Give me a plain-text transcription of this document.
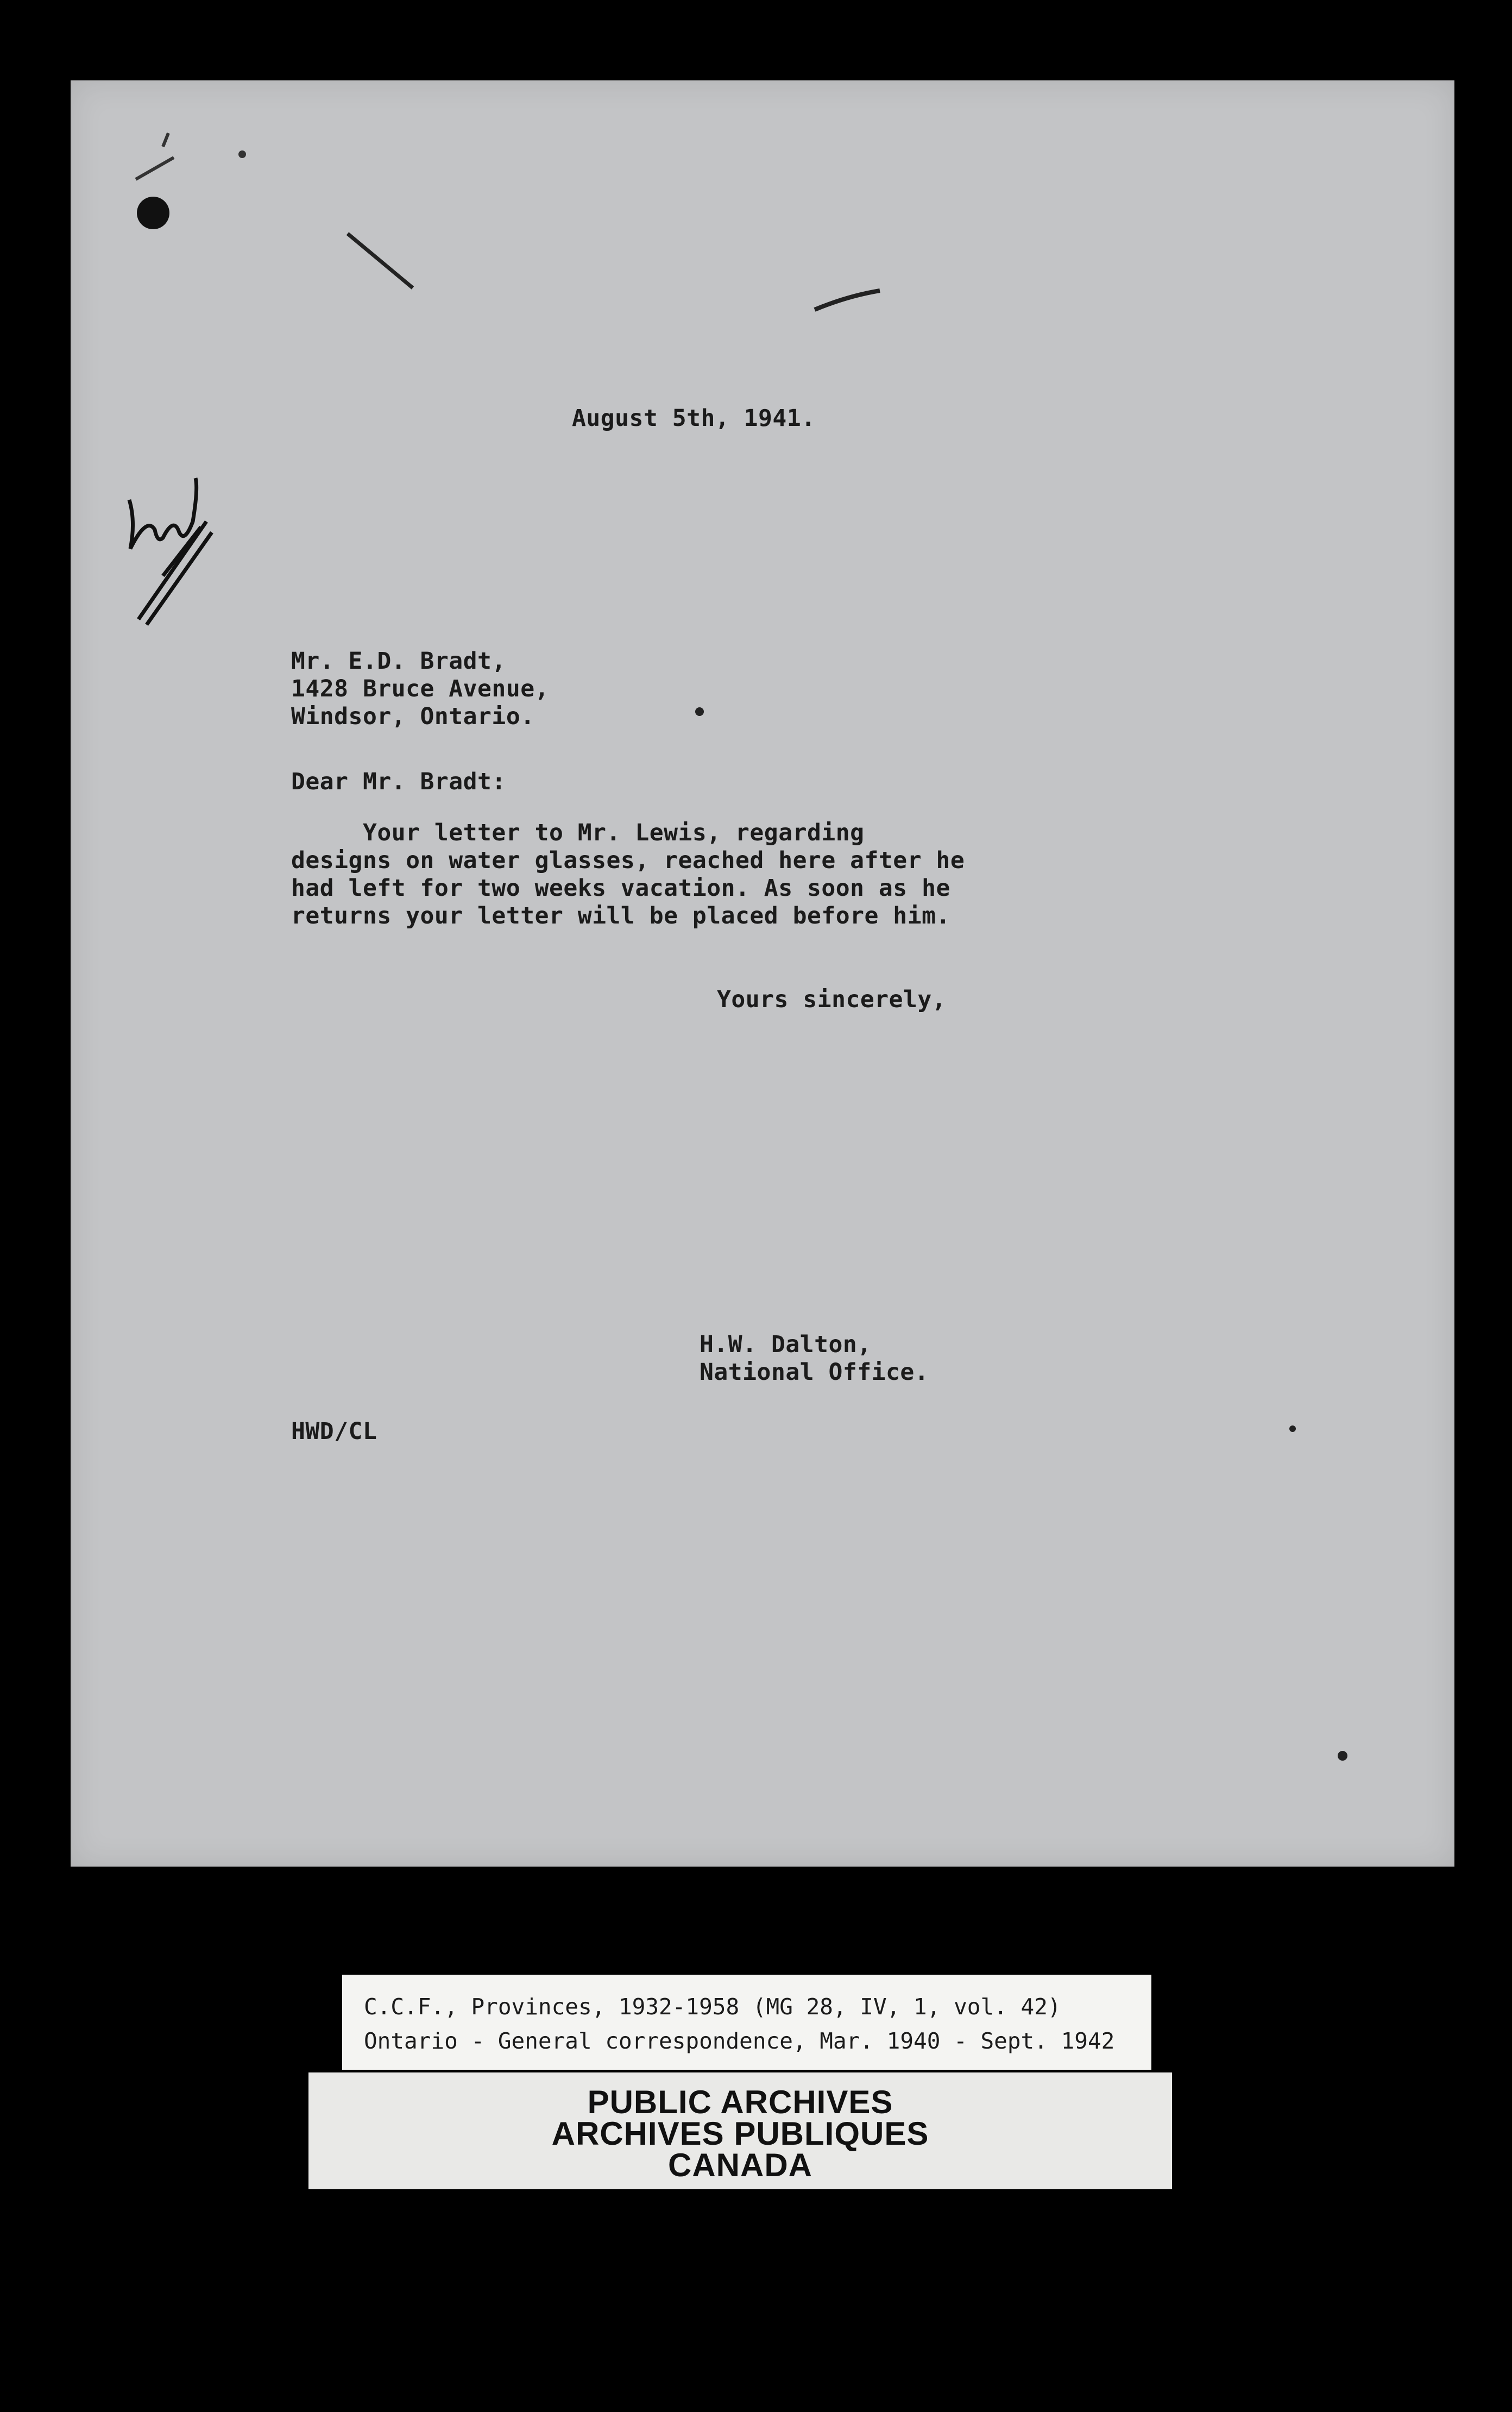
August 5th, 1941.
Mr. E.D. Bradt,
1428 Bruce Avenue,
Windsor, Ontario.
Dear Mr. Bradt:
Your letter to Mr. Lewis, regarding
designs on water glasses, reached here after he
had left for two weeks vacation. As soon as he
returns your letter will be placed before him.
Yours sincerely,
H.W. Dalton,
National Office.
HWD/CL
C.C.F., Provinces, 1932-1958 (MG 28, IV, 1, vol. 42)
Ontario - General correspondence, Mar. 1940 - Sept. 1942
PUBLIC ARCHIVES
ARCHIVES PUBLIQUES
CANADA
